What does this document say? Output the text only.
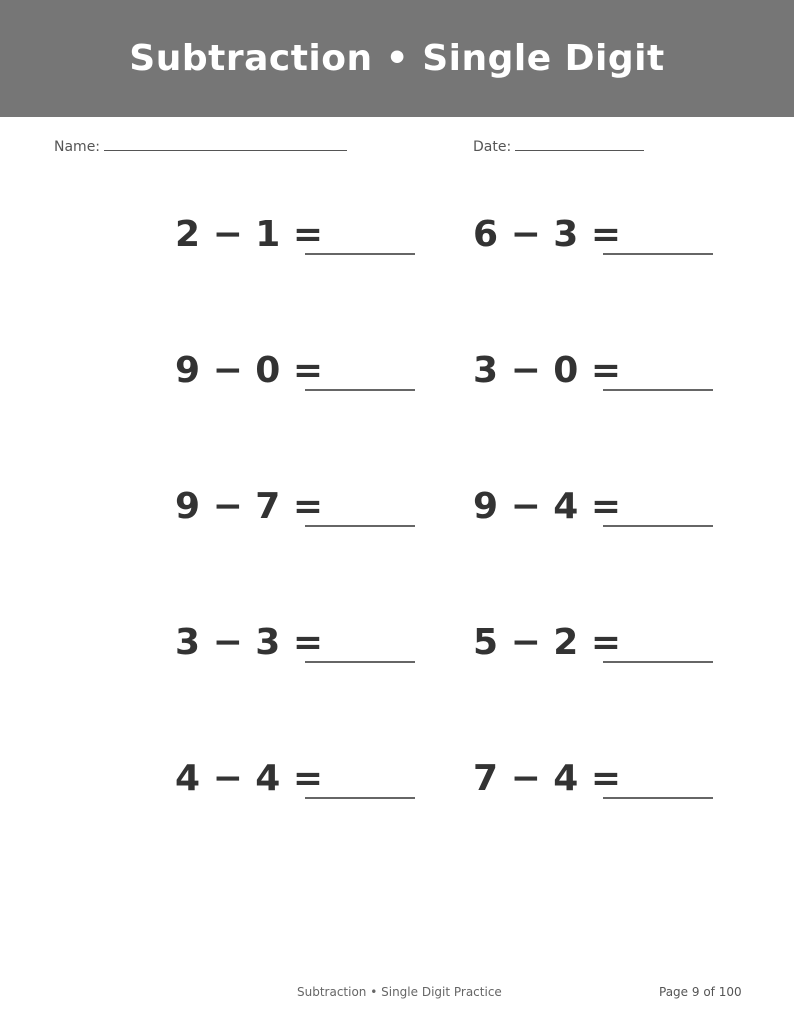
Subtraction • Single Digit
Name:	Date:
2 − 1 =	6 − 3 =
9 − 0 =	3 − 0 =
9 − 7 =	9 − 4 =
3 − 3 =	5 − 2 =
4 − 4 =	7 − 4 =
Subtraction • Single Digit Practice	Page 9 of 100
